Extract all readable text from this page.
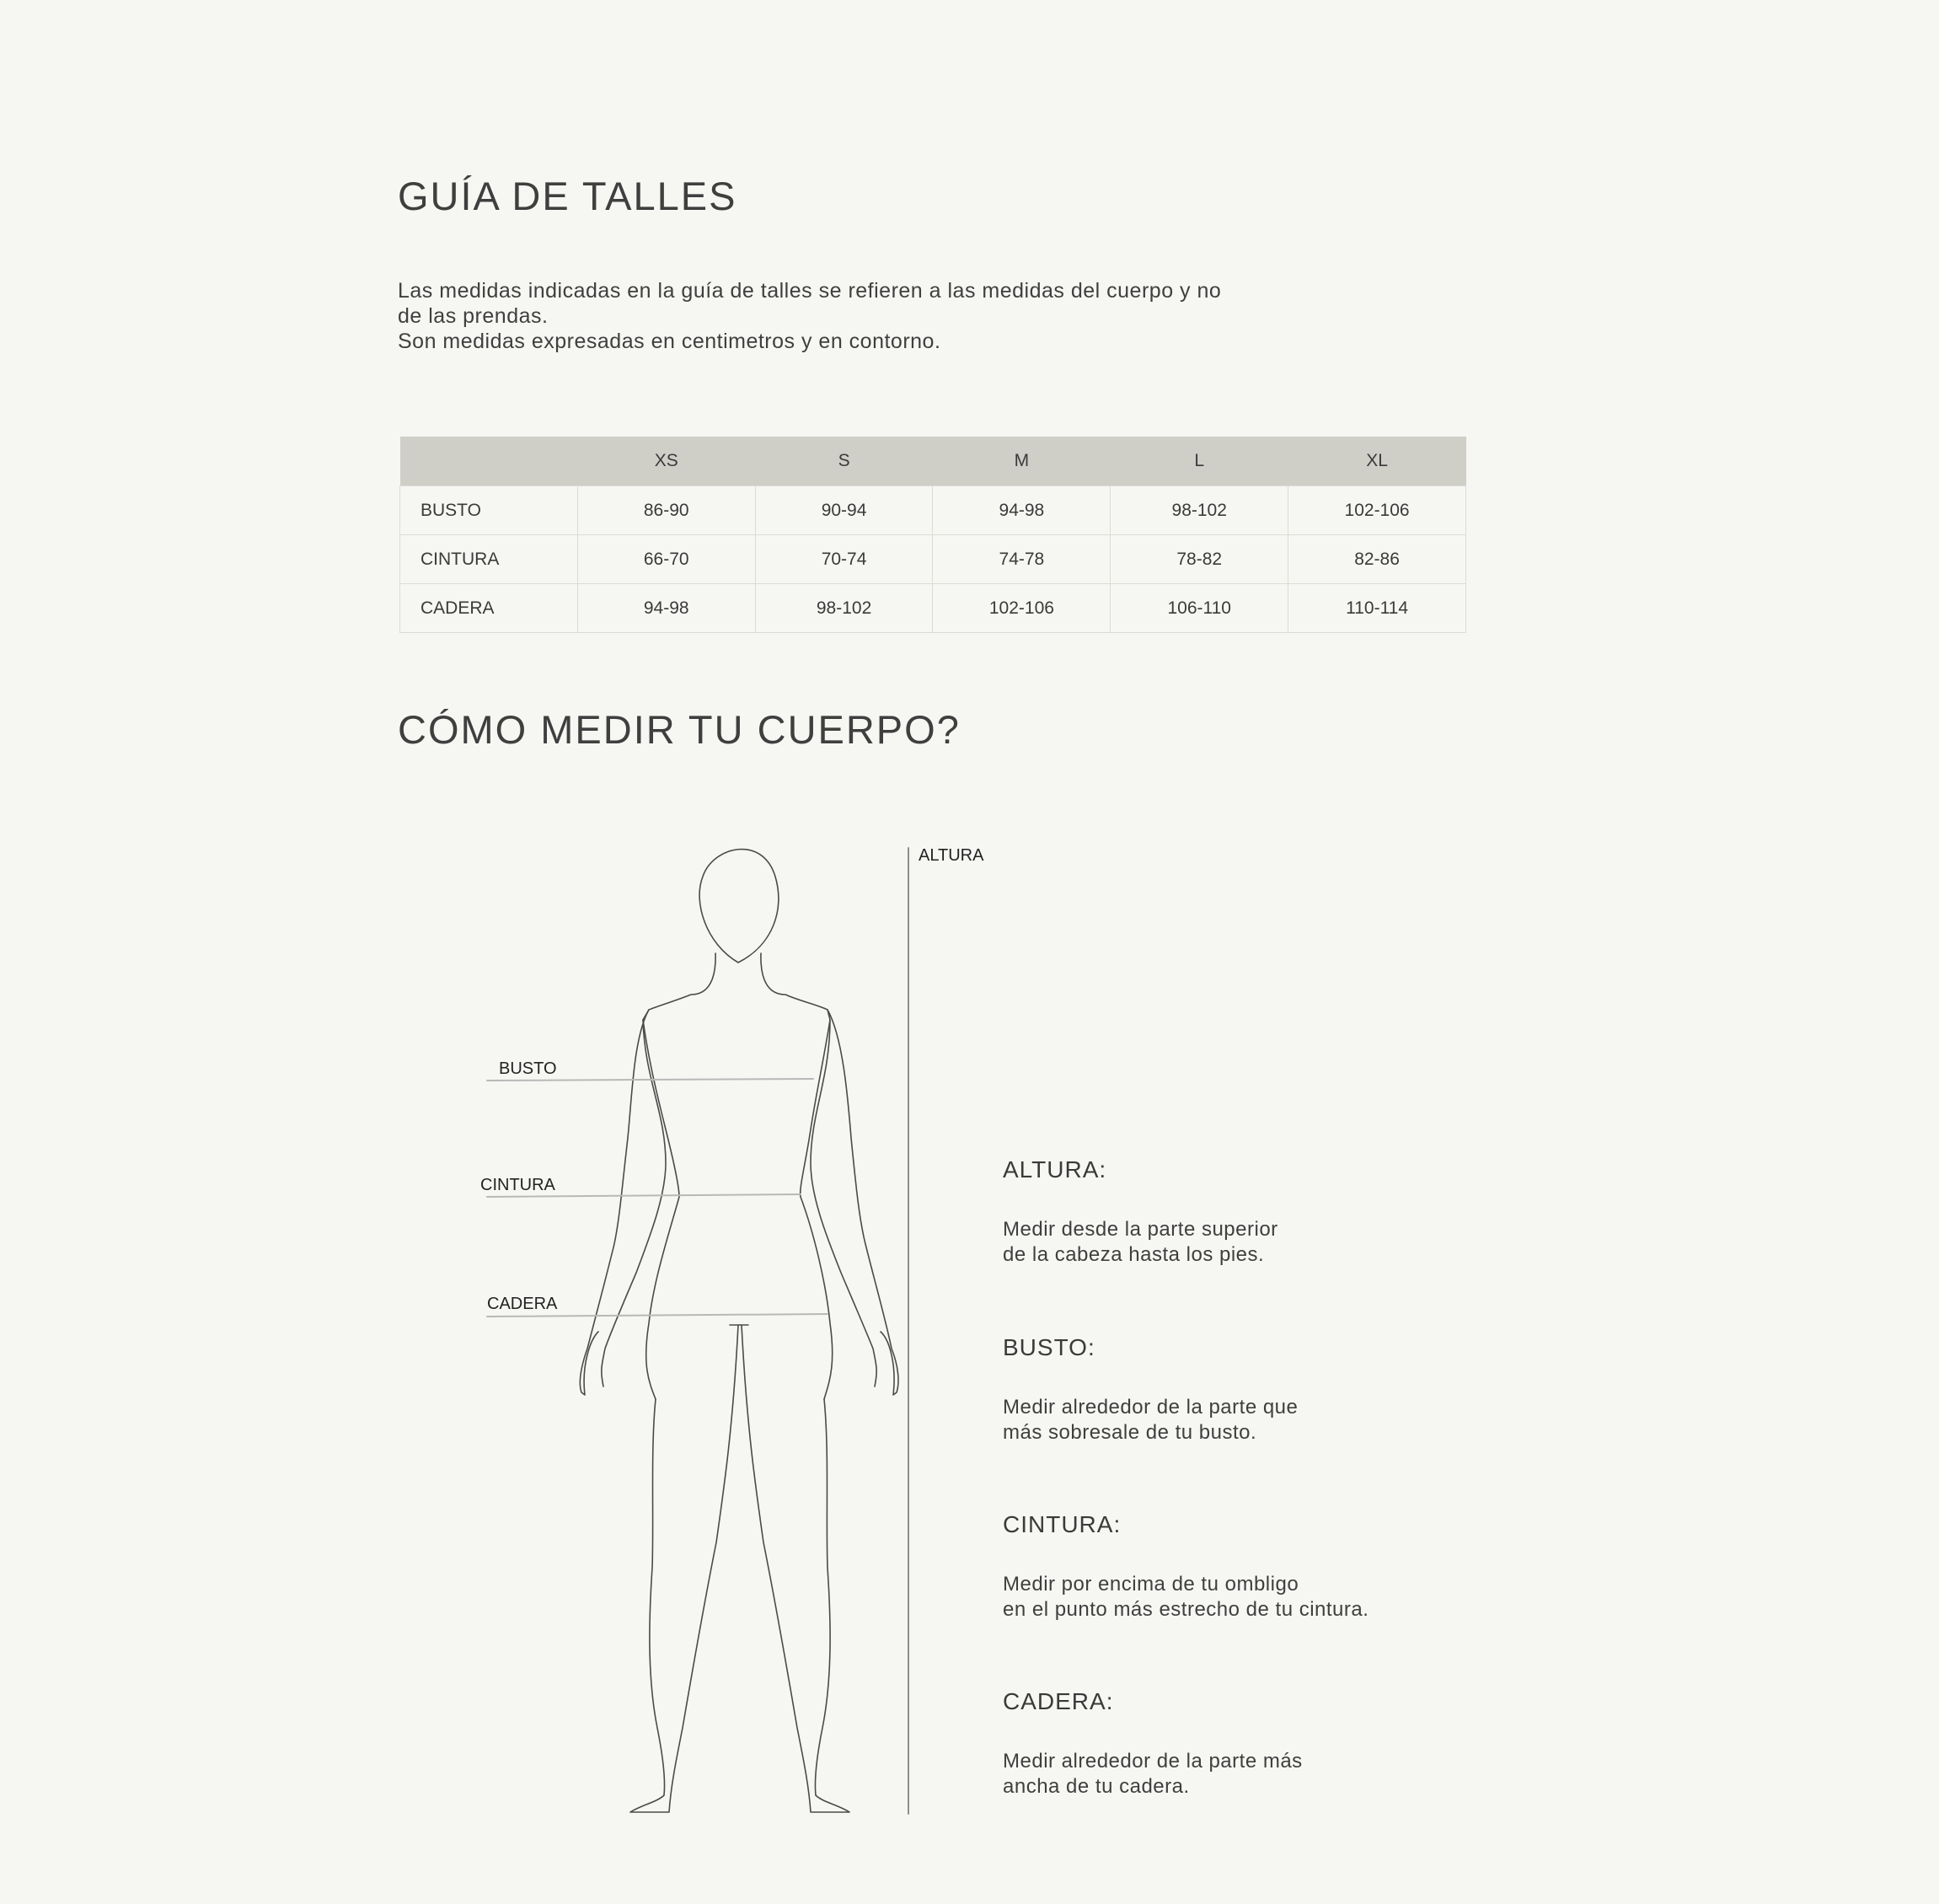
GUÍA DE TALLES

Las medidas indicadas en la guía de talles se refieren a las medidas del cuerpo y no

de las prendas.

Son medidas expresadas en centimetros y en contorno.

	XS	S	M	L	XL
BUSTO	86-90	90-94	94-98	98-102	102-106
CINTURA	66-70	70-74	74-78	78-82	82-86
CADERA	94-98	98-102	102-106	106-110	110-114
CÓMO MEDIR TU CUERPO?
ALTURA
BUSTO
CINTURA
CADERA
ALTURA:

Medir desde la parte superior

de la cabeza hasta los pies.

BUSTO:

Medir alrededor de la parte que

más sobresale de tu busto.

CINTURA:

Medir por encima de tu ombligo

en el punto más estrecho de tu cintura.

CADERA:

Medir alrededor de la parte más

ancha de tu cadera.
